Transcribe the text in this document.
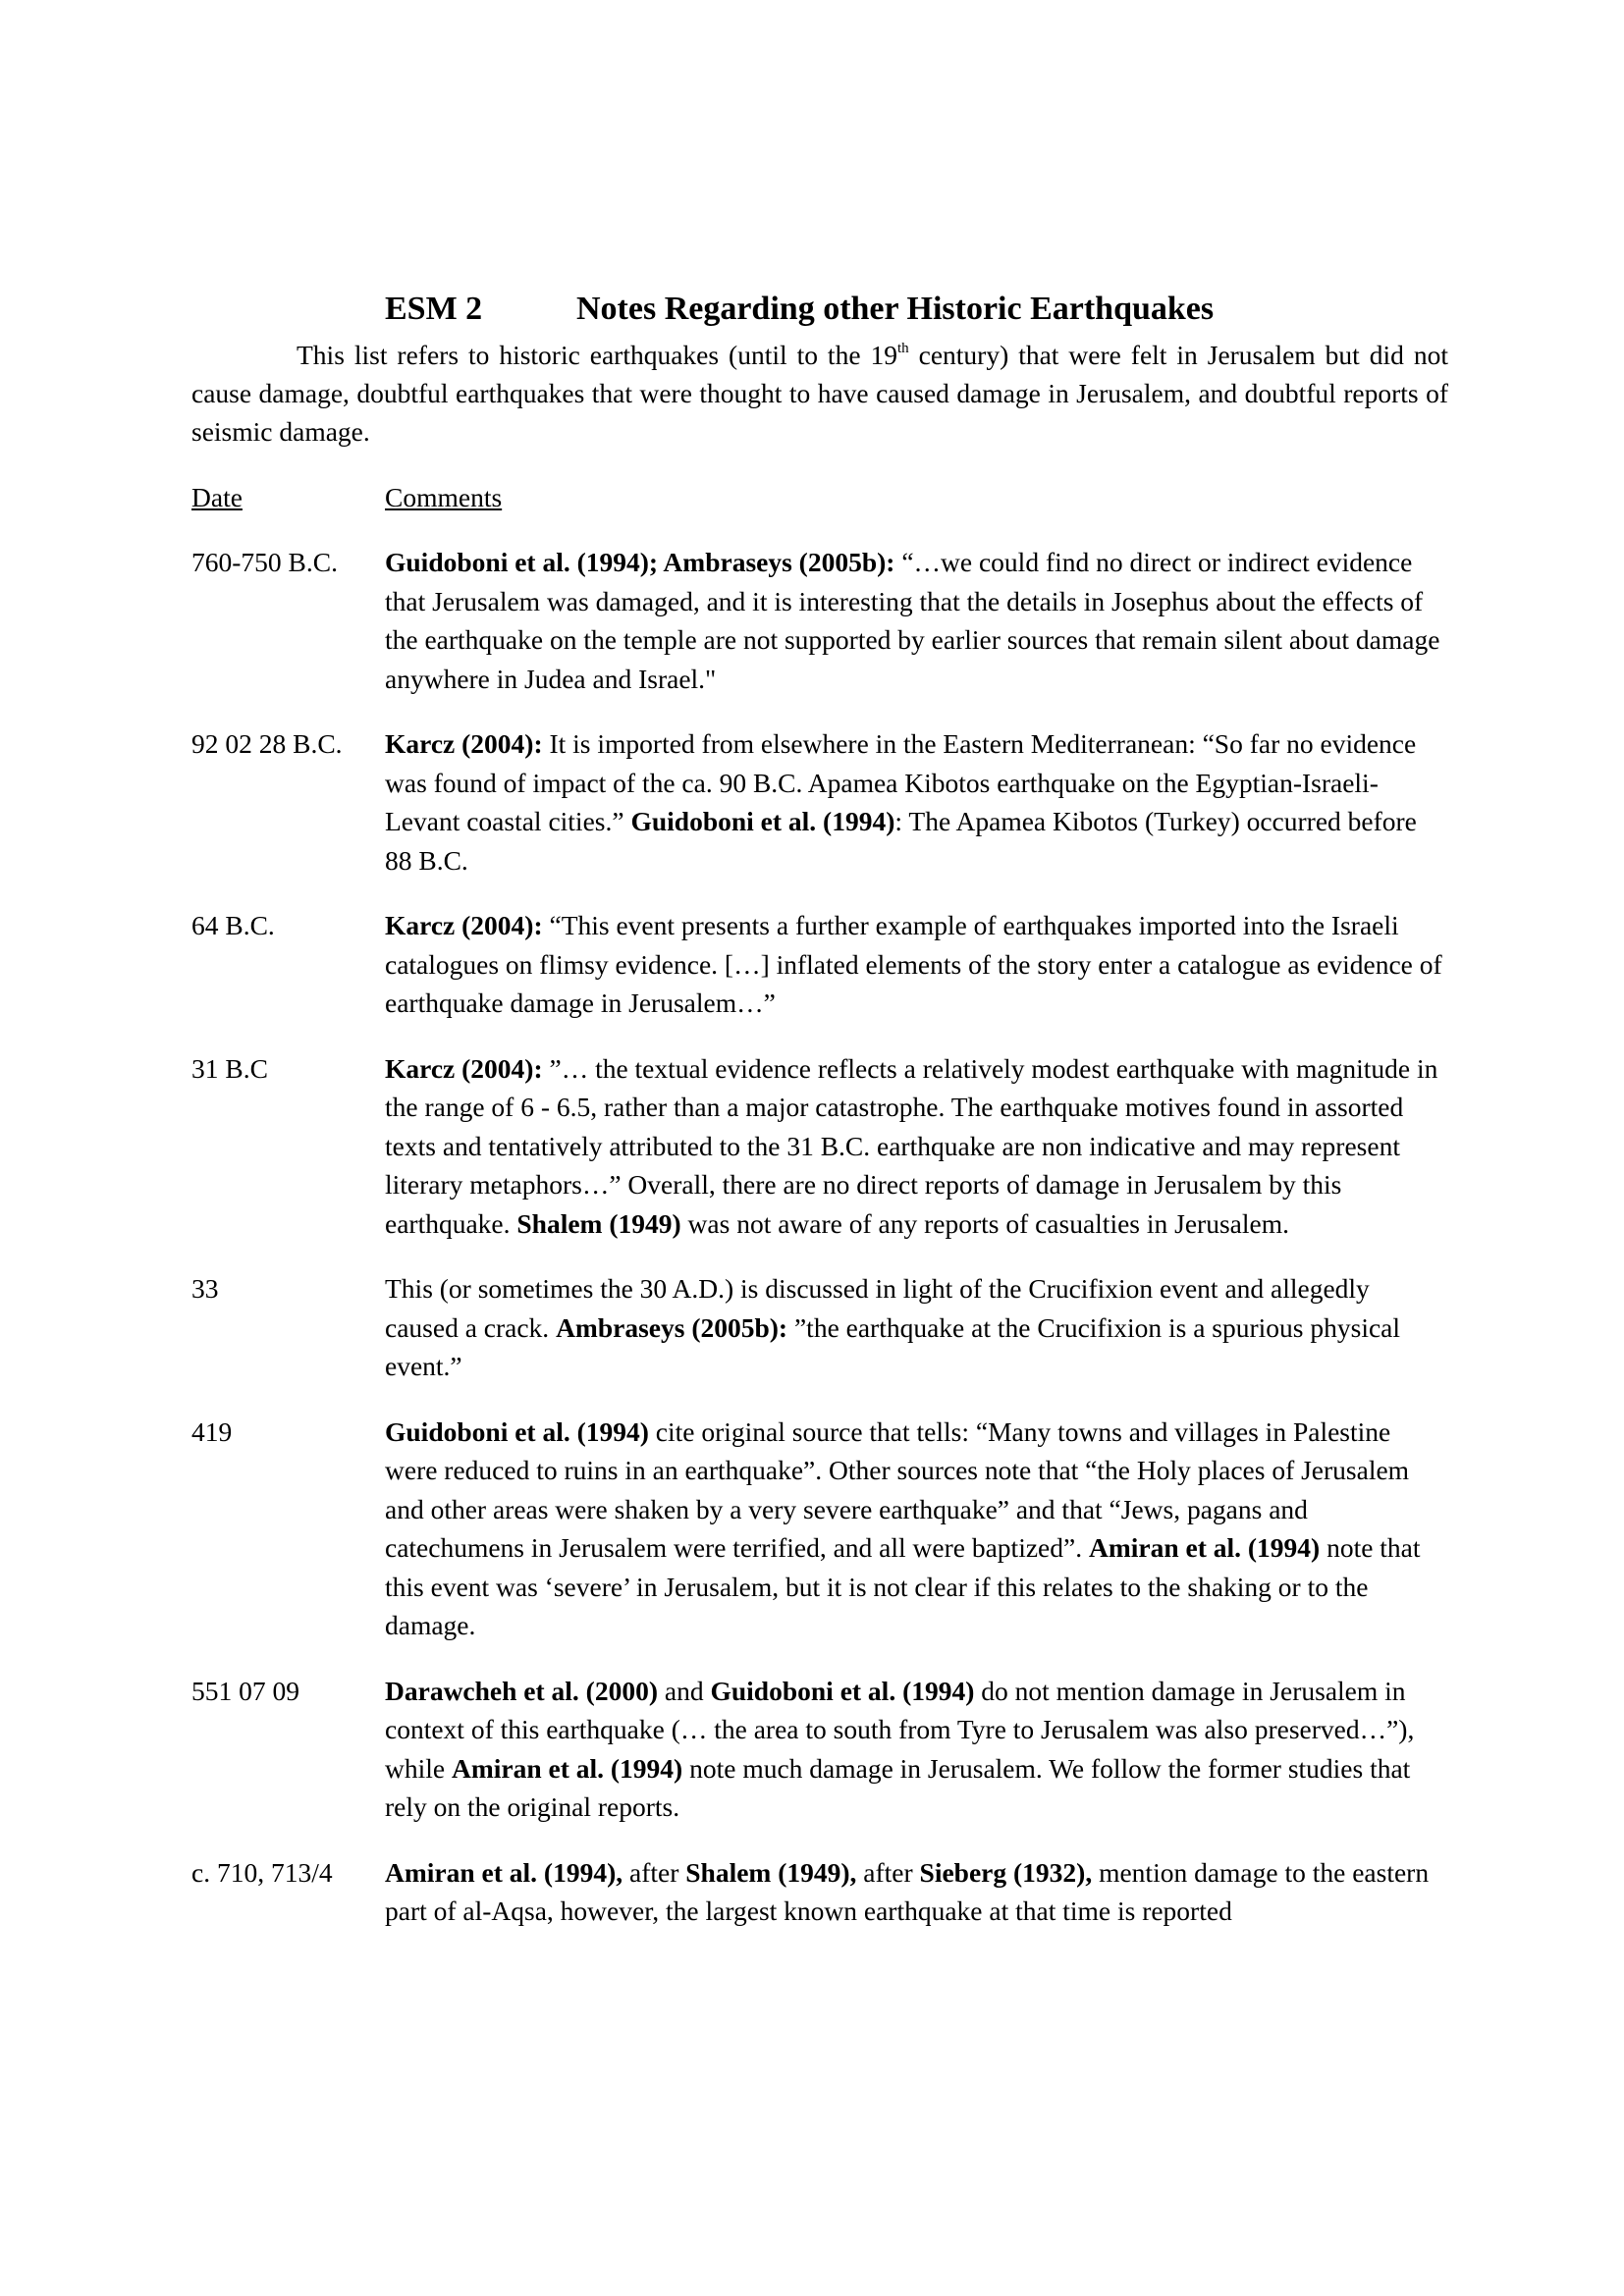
ESM 2	Notes Regarding other Historic Earthquakes

This list refers to historic earthquakes (until to the 19th century) that were felt in Jerusalem but did not cause damage, doubtful earthquakes that were thought to have caused damage in Jerusalem, and doubtful reports of seismic damage.

Date	Comments
760-750 B.C.	Guidoboni et al. (1994); Ambraseys (2005b): “…we could find no direct or indirect evidence that Jerusalem was damaged, and it is interesting that the details in Josephus about the effects of the earthquake on the temple are not supported by earlier sources that remain silent about damage anywhere in Judea and Israel."
92 02 28 B.C.	Karcz (2004): It is imported from elsewhere in the Eastern Mediterranean: “So far no evidence was found of impact of the ca. 90 B.C. Apamea Kibotos earthquake on the Egyptian-Israeli-Levant coastal cities.” Guidoboni et al. (1994): The Apamea Kibotos (Turkey) occurred before 88 B.C.
64 B.C.	Karcz (2004): “This event presents a further example of earthquakes imported into the Israeli catalogues on flimsy evidence. […] inflated elements of the story enter a catalogue as evidence of earthquake damage in Jerusalem…”
31 B.C	Karcz (2004): ”… the textual evidence reflects a relatively modest earthquake with magnitude in the range of 6 - 6.5, rather than a major catastrophe. The earthquake motives found in assorted texts and tentatively attributed to the 31 B.C. earthquake are non indicative and may represent literary metaphors…” Overall, there are no direct reports of damage in Jerusalem by this earthquake. Shalem (1949) was not aware of any reports of casualties in Jerusalem.
33	This (or sometimes the 30 A.D.) is discussed in light of the Crucifixion event and allegedly caused a crack. Ambraseys (2005b): ”the earthquake at the Crucifixion is a spurious physical event.”
419	Guidoboni et al. (1994) cite original source that tells: “Many towns and villages in Palestine were reduced to ruins in an earthquake”. Other sources note that “the Holy places of Jerusalem and other areas were shaken by a very severe earthquake” and that “Jews, pagans and catechumens in Jerusalem were terrified, and all were baptized”. Amiran et al. (1994) note that this event was ‘severe’ in Jerusalem, but it is not clear if this relates to the shaking or to the damage.
551 07 09	Darawcheh et al. (2000) and Guidoboni et al. (1994) do not mention damage in Jerusalem in context of this earthquake (… the area to south from Tyre to Jerusalem was also preserved…”), while Amiran et al. (1994) note much damage in Jerusalem. We follow the former studies that rely on the original reports.
c. 710, 713/4	Amiran et al. (1994), after Shalem (1949), after Sieberg (1932), mention damage to the eastern part of al-Aqsa, however, the largest known earthquake at that time is reported
